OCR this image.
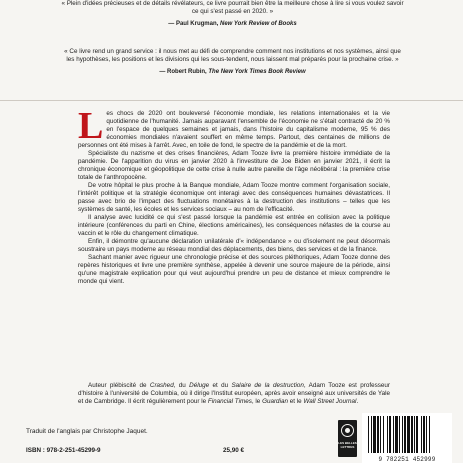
« Plein d'idées précieuses et de détails révélateurs, ce livre pourrait bien être la meilleure chose à lire si vous voulez savoir ce qui s'est passé en 2020. »
— Paul Krugman, New York Review of Books
« Ce livre rend un grand service : il nous met au défi de comprendre comment nos institutions et nos systèmes, ainsi que les hypothèses, les positions et les divisions qui les sous-tendent, nous laissent mal préparés pour la prochaine crise. »
— Robert Rubin, The New York Times Book Review

Les chocs de 2020 ont bouleversé l'économie mondiale, les relations internationales et la vie quotidienne de l'humanité. Jamais auparavant l'ensemble de l'économie ne s'était contracté de 20 % en l'espace de quelques semaines et jamais, dans l'histoire du capitalisme moderne, 95 % des économies mondiales n'avaient souffert en même temps. Partout, des centaines de millions de personnes ont été mises à l'arrêt. Avec, en toile de fond, le spectre de la pandémie et de la mort.

Spécialiste du nazisme et des crises financières, Adam Tooze livre la première histoire immédiate de la pandémie. De l'apparition du virus en janvier 2020 à l'investiture de Joe Biden en janvier 2021, il écrit la chronique économique et géopolitique de cette crise à nulle autre pareille de l'âge néolibéral : la première crise totale de l'anthropocène.

De votre hôpital le plus proche à la Banque mondiale, Adam Tooze montre comment l'organisation sociale, l'intérêt politique et la stratégie économique ont interagi avec des conséquences humaines dévastatrices. Il passe avec brio de l'impact des fluctuations monétaires à la destruction des institutions – telles que les systèmes de santé, les écoles et les services sociaux – au nom de l'efficacité.

Il analyse avec lucidité ce qui s'est passé lorsque la pandémie est entrée en collision avec la politique intérieure (conférences du parti en Chine, élections américaines), les conséquences néfastes de la course au vaccin et le rôle du changement climatique.

Enfin, il démontre qu'aucune déclaration unilatérale d'« indépendance » ou d'isolement ne peut désormais soustraire un pays moderne au réseau mondial des déplacements, des biens, des services et de la finance.

Sachant manier avec rigueur une chronologie précise et des sources pléthoriques, Adam Tooze donne des repères historiques et livre une première synthèse, appelée à devenir une source majeure de la période, ainsi qu'une magistrale explication pour qui veut aujourd'hui prendre un peu de distance et mieux comprendre le monde qui vient.

Auteur plébiscité de Crashed, du Déluge et du Salaire de la destruction, Adam Tooze est professeur d'histoire à l'université de Columbia, où il dirige l'Institut européen, après avoir enseigné aux universités de Yale et de Cambridge. Il écrit régulièrement pour le Financial Times, le Guardian et le Wall Street Journal.
Traduit de l'anglais par Christophe Jaquet.
ISBN : 978-2-251-45299-9	25,90 €
LES BELLES LETTRES
9 782251 452999
